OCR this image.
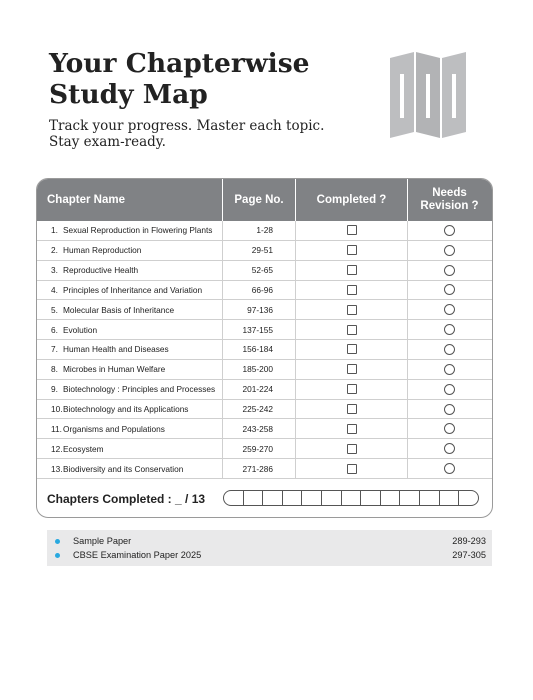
Your Chapterwise
Study Map
Track your progress. Master each topic.
Stay exam-ready.
Chapter Name	Page No.	Completed ?
Needs
Revision ?
1. Sexual Reproduction in Flowering Plants	1-28
2. Human Reproduction	29-51
3. Reproductive Health	52-65
4. Principles of Inheritance and Variation	66-96
5. Molecular Basis of Inheritance	97-136
6. Evolution	137-155
7. Human Health and Diseases	156-184
8. Microbes in Human Welfare	185-200
9. Biotechnology : Principles and Processes	201-224
10. Biotechnology and its Applications	225-242
11. Organisms and Populations	243-258
12. Ecosystem	259-270
13. Biodiversity and its Conservation	271-286
Chapters Completed : _ / 13
Sample Paper	289-293
CBSE Examination Paper 2025	297-305
